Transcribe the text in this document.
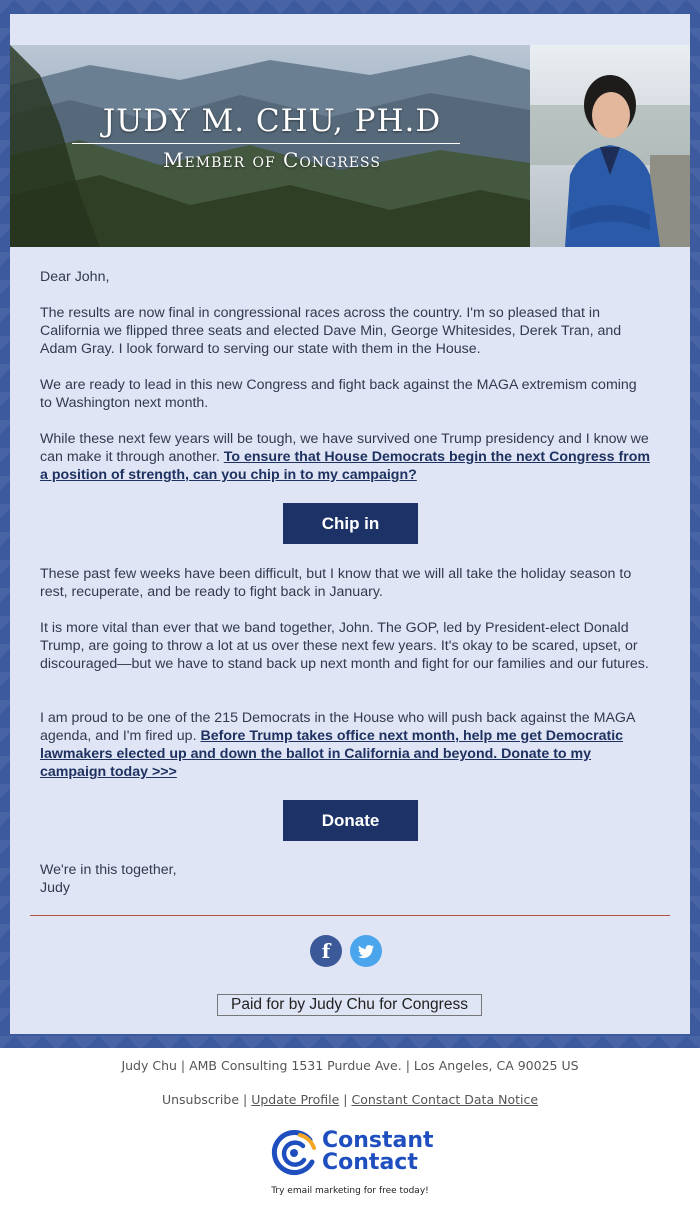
JUDY M. CHU, PH.D
Member of Congress

Dear John,

The results are now final in congressional races across the country. I'm so pleased that in California we flipped three seats and elected Dave Min, George Whitesides, Derek Tran, and Adam Gray. I look forward to serving our state with them in the House.

We are ready to lead in this new Congress and fight back against the MAGA extremism coming to Washington next month.

While these next few years will be tough, we have survived one Trump presidency and I know we can make it through another. To ensure that House Democrats begin the next Congress from a position of strength, can you chip in to my campaign?

Chip in

These past few weeks have been difficult, but I know that we will all take the holiday season to rest, recuperate, and be ready to fight back in January.

It is more vital than ever that we band together, John. The GOP, led by President-elect Donald Trump, are going to throw a lot at us over these next few years. It's okay to be scared, upset, or discouraged—but we have to stand back up next month and fight for our families and our futures.

I am proud to be one of the 215 Democrats in the House who will push back against the MAGA agenda, and I'm fired up. Before Trump takes office next month, help me get Democratic lawmakers elected up and down the ballot in California and beyond. Donate to my campaign today >>>

Donate

We're in this together,

Judy

f
Paid for by Judy Chu for Congress
Judy Chu | AMB Consulting 1531 Purdue Ave. | Los Angeles, CA 90025 US
Unsubscribe | Update Profile | Constant Contact Data Notice
Constant
Contact
Try email marketing for free today!
